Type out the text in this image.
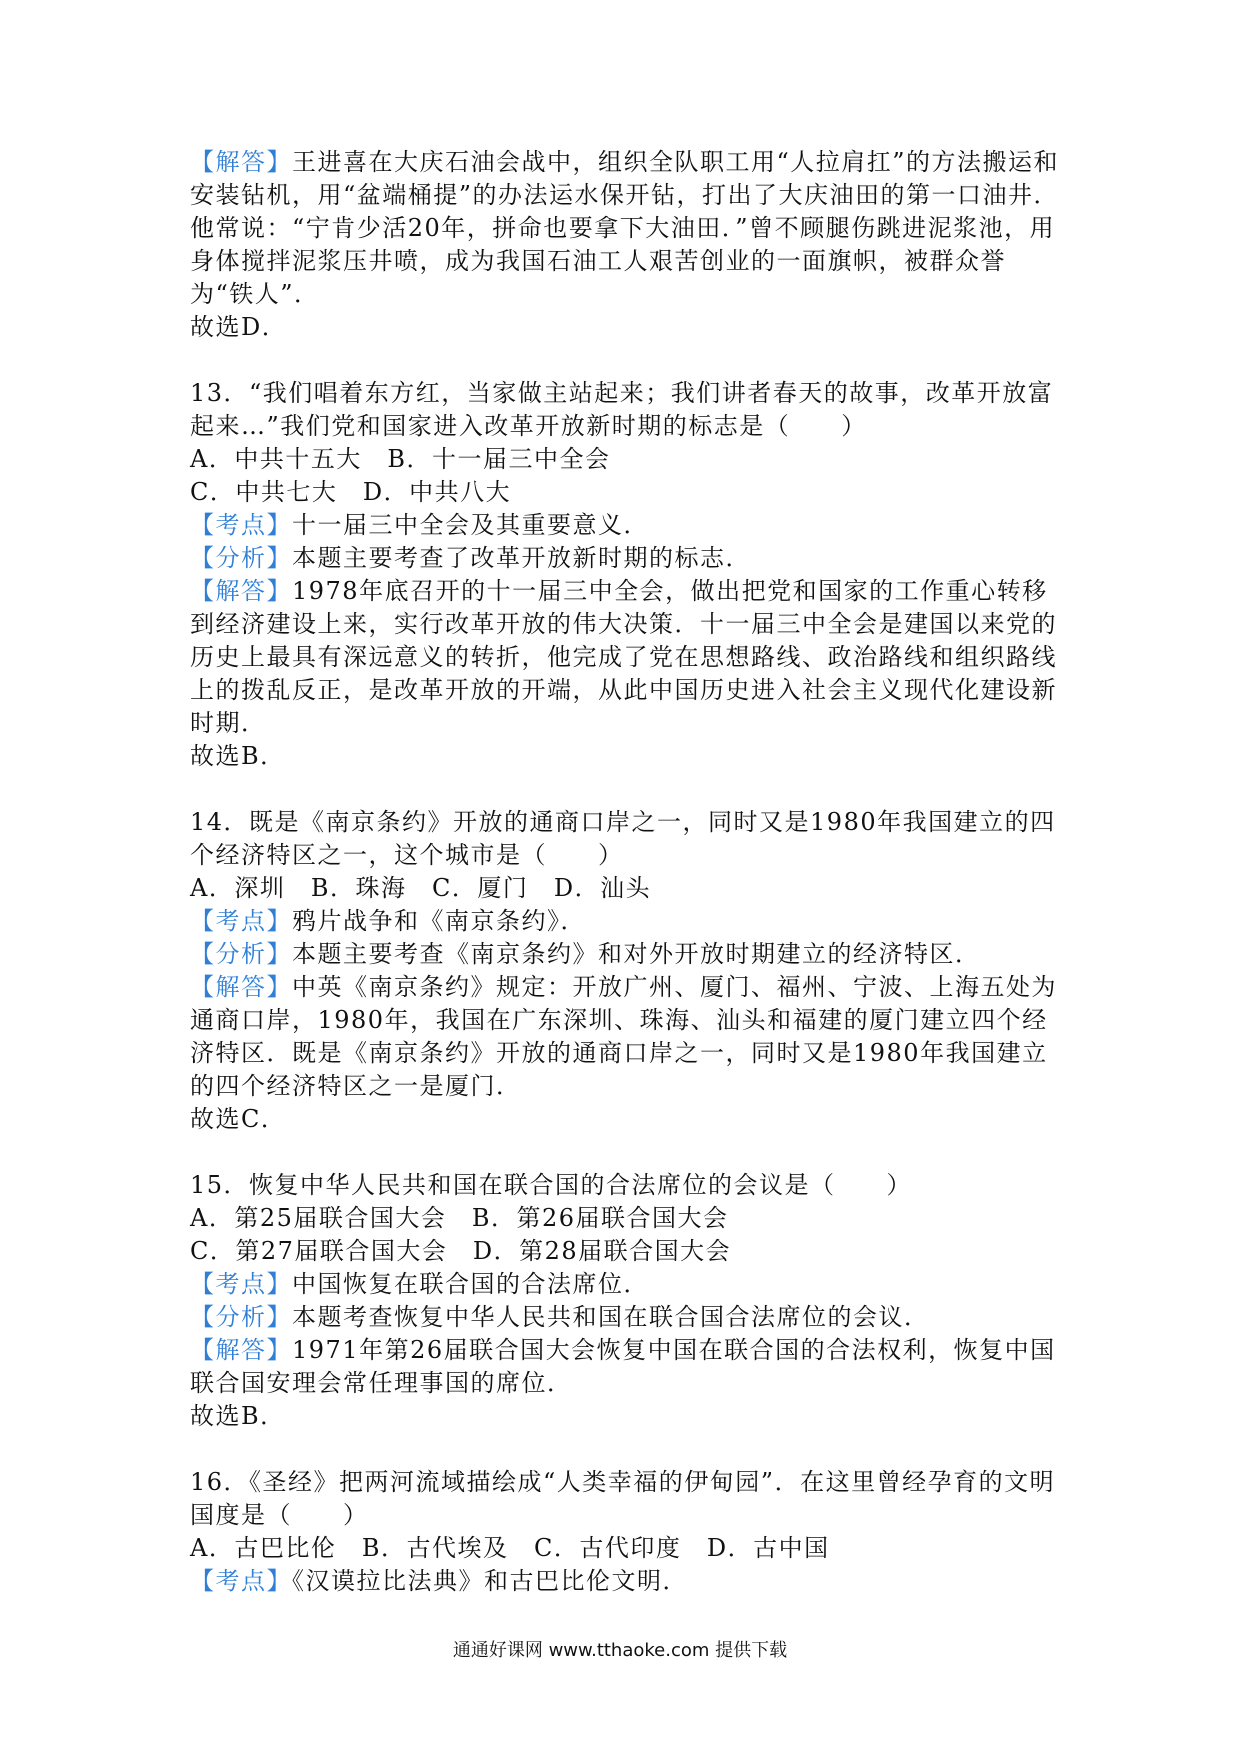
【解答】王进喜在大庆石油会战中，组织全队职工用“人拉肩扛”的方法搬运和安装钻机，用“盆端桶提”的办法运水保开钻，打出了大庆油田的第一口油井．他常说：“宁肯少活20年，拼命也要拿下大油田．”曾不顾腿伤跳进泥浆池，用身体搅拌泥浆压井喷，成为我国石油工人艰苦创业的一面旗帜，被群众誉为“铁人”．

故选D．

13．“我们唱着东方红，当家做主站起来；我们讲者春天的故事，改革开放富起来…”我们党和国家进入改革开放新时期的标志是（　　）

A．中共十五大　B．十一届三中全会

C．中共七大　D．中共八大

【考点】十一届三中全会及其重要意义．

【分析】本题主要考查了改革开放新时期的标志．

【解答】1978年底召开的十一届三中全会，做出把党和国家的工作重心转移到经济建设上来，实行改革开放的伟大决策．十一届三中全会是建国以来党的历史上最具有深远意义的转折，他完成了党在思想路线、政治路线和组织路线上的拨乱反正，是改革开放的开端，从此中国历史进入社会主义现代化建设新时期．

故选B．

14．既是《南京条约》开放的通商口岸之一，同时又是1980年我国建立的四个经济特区之一，这个城市是（　　）

A．深圳　B．珠海　C．厦门　D．汕头

【考点】鸦片战争和《南京条约》．

【分析】本题主要考查《南京条约》和对外开放时期建立的经济特区．

【解答】中英《南京条约》规定：开放广州、厦门、福州、宁波、上海五处为通商口岸，1980年，我国在广东深圳、珠海、汕头和福建的厦门建立四个经济特区．既是《南京条约》开放的通商口岸之一，同时又是1980年我国建立的四个经济特区之一是厦门．

故选C．

15．恢复中华人民共和国在联合国的合法席位的会议是（　　）

A．第25届联合国大会　B．第26届联合国大会

C．第27届联合国大会　D．第28届联合国大会

【考点】中国恢复在联合国的合法席位．

【分析】本题考查恢复中华人民共和国在联合国合法席位的会议．

【解答】1971年第26届联合国大会恢复中国在联合国的合法权利，恢复中国联合国安理会常任理事国的席位．

故选B．

16．《圣经》把两河流域描绘成“人类幸福的伊甸园”．在这里曾经孕育的文明国度是（　　）

A．古巴比伦　B．古代埃及　C．古代印度　D．古中国

【考点】《汉谟拉比法典》和古巴比伦文明．

通通好课网 www.tthaoke.com 提供下载
